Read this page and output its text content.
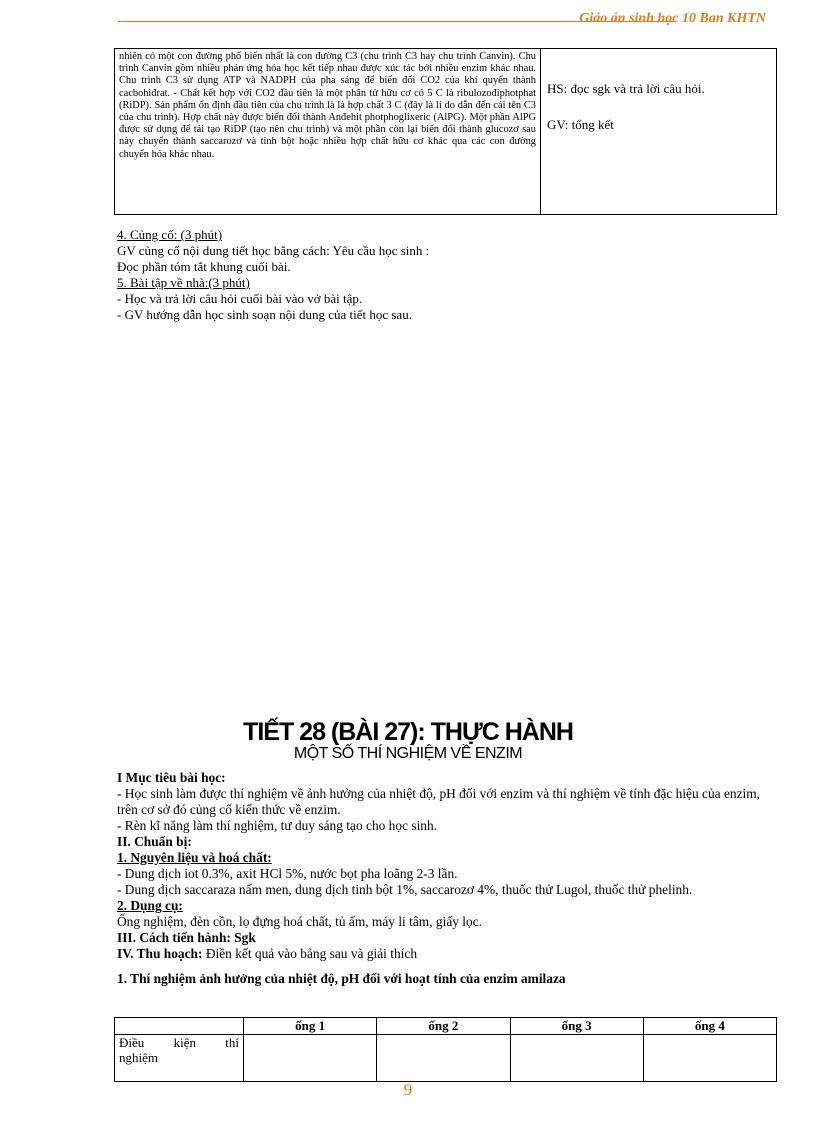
Giáo án sinh học 10 Ban KHTN
nhiên có một con đường phổ biến nhất là con đường C3 (chu trình C3 hay chu trình Canvin). Chu trình Canvin gồm nhiều phản ứng hóa học kết tiếp nhau được xúc tác bởi nhiều enzim khác nhau. Chu trình C3 sử dụng ATP và NADPH của pha sáng để biến đổi CO2 của khí quyển thành cacbohiđrat. - Chất kết hợp với CO2 đầu tiên là một phân tử hữu cơ có 5 C là ribulozođiphotphat (RiDP). Sản phẩm ổn định đầu tiên của chu trình là là hợp chất 3 C (đây là lí do dẫn đến cái tên C3 của chu trình). Hợp chất này được biến đổi thành Anđehit photphoglixeric (AlPG). Một phần AlPG được sử dụng để tái tạo RiDP (tạo nên chu trình) và một phần còn lại biến đổi thành glucozơ sau này chuyển thành saccarozơ và tinh bột hoặc nhiều hợp chất hữu cơ khác qua các con đường chuyển hóa khác nhau.	

HS: đọc sgk và trả lời câu hỏi.

GV: tổng kết

4. Củng cố: (3 phút)
GV củng cố nội dung tiết học bằng cách: Yêu cầu học sinh :
Đọc phần tóm tắt khung cuối bài.
5. Bài tập về nhà:(3 phút)
- Học và trả lời câu hỏi cuối bài vào vở bài tập.
- GV hướng dẫn học sinh soạn nội dung của tiết học sau.
TIẾT 28 (BÀI 27): THỰC HÀNH
MỘT SỐ THÍ NGHIỆM VỀ ENZIM

I Mục tiêu bài học:

- Học sinh làm được thí nghiệm về ảnh hưởng của nhiệt độ, pH đối với enzim và thí nghiệm về tính đặc hiệu của enzim, trên cơ sở đó củng cố kiến thức về enzim.

- Rèn kĩ năng làm thí nghiệm, tư duy sáng tạo cho học sinh.

II. Chuẩn bị:

1. Nguyên liệu và hoá chất:

- Dung dịch iot 0.3%, axit HCl 5%, nước bọt pha loãng 2-3 lần.

- Dung dịch saccaraza nấm men, dung dịch tinh bột 1%, saccarozơ 4%, thuốc thử Lugol, thuốc thử phelinh.

2. Dụng cụ:

Ống nghiệm, đèn cồn, lọ đựng hoá chất, tủ ấm, máy li tâm, giấy lọc.

III. Cách tiến hành: Sgk

IV. Thu hoạch: Điền kết quả vào bảng sau và giải thích

1. Thí nghiệm ảnh hưởng của nhiệt độ, pH đối với hoạt tính của enzim amilaza

	ống 1	ống 2	ống 3	ống 4

Điều kiện thí
nghiệm				

9
